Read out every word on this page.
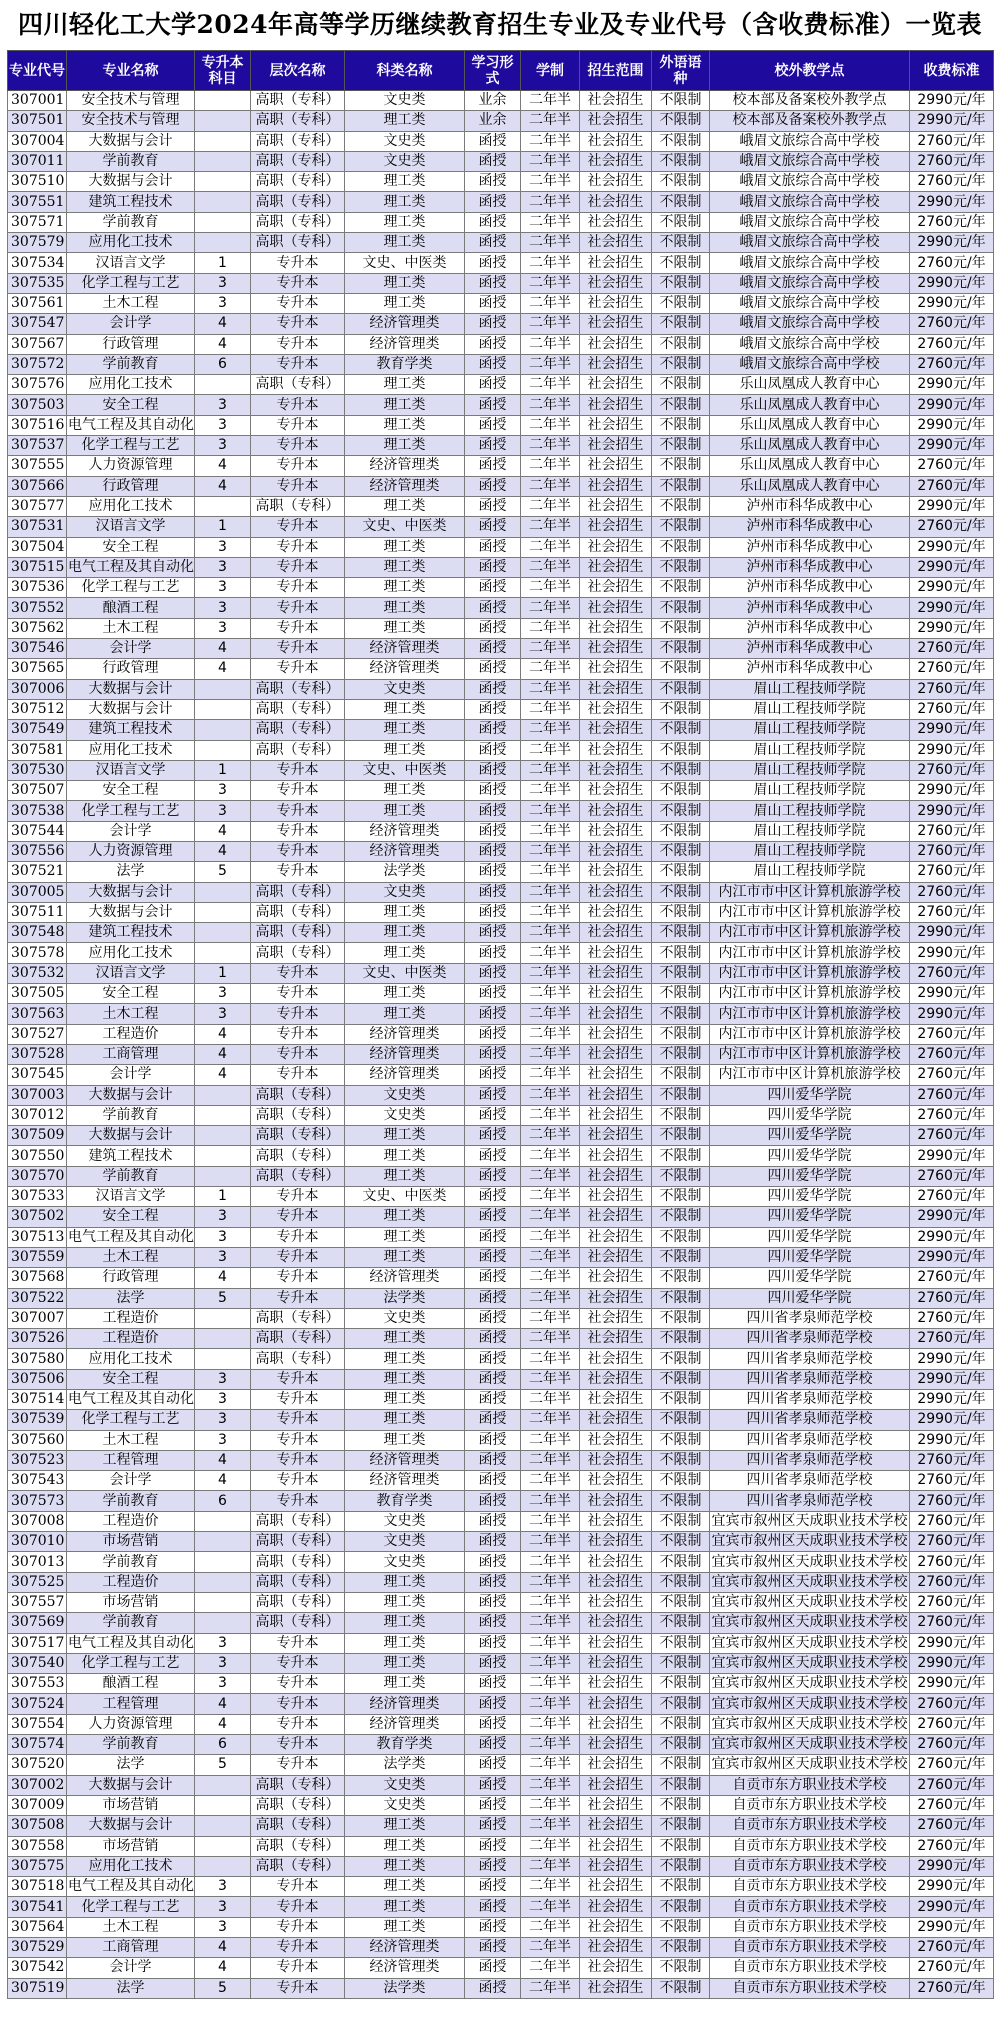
四川轻化工大学2024年高等学历继续教育招生专业及专业代号（含收费标准）一览表
专业代号	专业名称	专升本科目	层次名称	科类名称	学习形式	学制	招生范围	外语语种	校外教学点	收费标准
307001	安全技术与管理		高职（专科）	文史类	业余	二年半	社会招生	不限制	校本部及备案校外教学点	2990元/年
307501	安全技术与管理		高职（专科）	理工类	业余	二年半	社会招生	不限制	校本部及备案校外教学点	2990元/年
307004	大数据与会计		高职（专科）	文史类	函授	二年半	社会招生	不限制	峨眉文旅综合高中学校	2760元/年
307011	学前教育		高职（专科）	文史类	函授	二年半	社会招生	不限制	峨眉文旅综合高中学校	2760元/年
307510	大数据与会计		高职（专科）	理工类	函授	二年半	社会招生	不限制	峨眉文旅综合高中学校	2760元/年
307551	建筑工程技术		高职（专科）	理工类	函授	二年半	社会招生	不限制	峨眉文旅综合高中学校	2990元/年
307571	学前教育		高职（专科）	理工类	函授	二年半	社会招生	不限制	峨眉文旅综合高中学校	2760元/年
307579	应用化工技术		高职（专科）	理工类	函授	二年半	社会招生	不限制	峨眉文旅综合高中学校	2990元/年
307534	汉语言文学	1	专升本	文史、中医类	函授	二年半	社会招生	不限制	峨眉文旅综合高中学校	2760元/年
307535	化学工程与工艺	3	专升本	理工类	函授	二年半	社会招生	不限制	峨眉文旅综合高中学校	2990元/年
307561	土木工程	3	专升本	理工类	函授	二年半	社会招生	不限制	峨眉文旅综合高中学校	2990元/年
307547	会计学	4	专升本	经济管理类	函授	二年半	社会招生	不限制	峨眉文旅综合高中学校	2760元/年
307567	行政管理	4	专升本	经济管理类	函授	二年半	社会招生	不限制	峨眉文旅综合高中学校	2760元/年
307572	学前教育	6	专升本	教育学类	函授	二年半	社会招生	不限制	峨眉文旅综合高中学校	2760元/年
307576	应用化工技术		高职（专科）	理工类	函授	二年半	社会招生	不限制	乐山凤凰成人教育中心	2990元/年
307503	安全工程	3	专升本	理工类	函授	二年半	社会招生	不限制	乐山凤凰成人教育中心	2990元/年
307516	电气工程及其自动化	3	专升本	理工类	函授	二年半	社会招生	不限制	乐山凤凰成人教育中心	2990元/年
307537	化学工程与工艺	3	专升本	理工类	函授	二年半	社会招生	不限制	乐山凤凰成人教育中心	2990元/年
307555	人力资源管理	4	专升本	经济管理类	函授	二年半	社会招生	不限制	乐山凤凰成人教育中心	2760元/年
307566	行政管理	4	专升本	经济管理类	函授	二年半	社会招生	不限制	乐山凤凰成人教育中心	2760元/年
307577	应用化工技术		高职（专科）	理工类	函授	二年半	社会招生	不限制	泸州市科华成教中心	2990元/年
307531	汉语言文学	1	专升本	文史、中医类	函授	二年半	社会招生	不限制	泸州市科华成教中心	2760元/年
307504	安全工程	3	专升本	理工类	函授	二年半	社会招生	不限制	泸州市科华成教中心	2990元/年
307515	电气工程及其自动化	3	专升本	理工类	函授	二年半	社会招生	不限制	泸州市科华成教中心	2990元/年
307536	化学工程与工艺	3	专升本	理工类	函授	二年半	社会招生	不限制	泸州市科华成教中心	2990元/年
307552	酿酒工程	3	专升本	理工类	函授	二年半	社会招生	不限制	泸州市科华成教中心	2990元/年
307562	土木工程	3	专升本	理工类	函授	二年半	社会招生	不限制	泸州市科华成教中心	2990元/年
307546	会计学	4	专升本	经济管理类	函授	二年半	社会招生	不限制	泸州市科华成教中心	2760元/年
307565	行政管理	4	专升本	经济管理类	函授	二年半	社会招生	不限制	泸州市科华成教中心	2760元/年
307006	大数据与会计		高职（专科）	文史类	函授	二年半	社会招生	不限制	眉山工程技师学院	2760元/年
307512	大数据与会计		高职（专科）	理工类	函授	二年半	社会招生	不限制	眉山工程技师学院	2760元/年
307549	建筑工程技术		高职（专科）	理工类	函授	二年半	社会招生	不限制	眉山工程技师学院	2990元/年
307581	应用化工技术		高职（专科）	理工类	函授	二年半	社会招生	不限制	眉山工程技师学院	2990元/年
307530	汉语言文学	1	专升本	文史、中医类	函授	二年半	社会招生	不限制	眉山工程技师学院	2760元/年
307507	安全工程	3	专升本	理工类	函授	二年半	社会招生	不限制	眉山工程技师学院	2990元/年
307538	化学工程与工艺	3	专升本	理工类	函授	二年半	社会招生	不限制	眉山工程技师学院	2990元/年
307544	会计学	4	专升本	经济管理类	函授	二年半	社会招生	不限制	眉山工程技师学院	2760元/年
307556	人力资源管理	4	专升本	经济管理类	函授	二年半	社会招生	不限制	眉山工程技师学院	2760元/年
307521	法学	5	专升本	法学类	函授	二年半	社会招生	不限制	眉山工程技师学院	2760元/年
307005	大数据与会计		高职（专科）	文史类	函授	二年半	社会招生	不限制	内江市市中区计算机旅游学校	2760元/年
307511	大数据与会计		高职（专科）	理工类	函授	二年半	社会招生	不限制	内江市市中区计算机旅游学校	2760元/年
307548	建筑工程技术		高职（专科）	理工类	函授	二年半	社会招生	不限制	内江市市中区计算机旅游学校	2990元/年
307578	应用化工技术		高职（专科）	理工类	函授	二年半	社会招生	不限制	内江市市中区计算机旅游学校	2990元/年
307532	汉语言文学	1	专升本	文史、中医类	函授	二年半	社会招生	不限制	内江市市中区计算机旅游学校	2760元/年
307505	安全工程	3	专升本	理工类	函授	二年半	社会招生	不限制	内江市市中区计算机旅游学校	2990元/年
307563	土木工程	3	专升本	理工类	函授	二年半	社会招生	不限制	内江市市中区计算机旅游学校	2990元/年
307527	工程造价	4	专升本	经济管理类	函授	二年半	社会招生	不限制	内江市市中区计算机旅游学校	2760元/年
307528	工商管理	4	专升本	经济管理类	函授	二年半	社会招生	不限制	内江市市中区计算机旅游学校	2760元/年
307545	会计学	4	专升本	经济管理类	函授	二年半	社会招生	不限制	内江市市中区计算机旅游学校	2760元/年
307003	大数据与会计		高职（专科）	文史类	函授	二年半	社会招生	不限制	四川爱华学院	2760元/年
307012	学前教育		高职（专科）	文史类	函授	二年半	社会招生	不限制	四川爱华学院	2760元/年
307509	大数据与会计		高职（专科）	理工类	函授	二年半	社会招生	不限制	四川爱华学院	2760元/年
307550	建筑工程技术		高职（专科）	理工类	函授	二年半	社会招生	不限制	四川爱华学院	2990元/年
307570	学前教育		高职（专科）	理工类	函授	二年半	社会招生	不限制	四川爱华学院	2760元/年
307533	汉语言文学	1	专升本	文史、中医类	函授	二年半	社会招生	不限制	四川爱华学院	2760元/年
307502	安全工程	3	专升本	理工类	函授	二年半	社会招生	不限制	四川爱华学院	2990元/年
307513	电气工程及其自动化	3	专升本	理工类	函授	二年半	社会招生	不限制	四川爱华学院	2990元/年
307559	土木工程	3	专升本	理工类	函授	二年半	社会招生	不限制	四川爱华学院	2990元/年
307568	行政管理	4	专升本	经济管理类	函授	二年半	社会招生	不限制	四川爱华学院	2760元/年
307522	法学	5	专升本	法学类	函授	二年半	社会招生	不限制	四川爱华学院	2760元/年
307007	工程造价		高职（专科）	文史类	函授	二年半	社会招生	不限制	四川省孝泉师范学校	2760元/年
307526	工程造价		高职（专科）	理工类	函授	二年半	社会招生	不限制	四川省孝泉师范学校	2760元/年
307580	应用化工技术		高职（专科）	理工类	函授	二年半	社会招生	不限制	四川省孝泉师范学校	2990元/年
307506	安全工程	3	专升本	理工类	函授	二年半	社会招生	不限制	四川省孝泉师范学校	2990元/年
307514	电气工程及其自动化	3	专升本	理工类	函授	二年半	社会招生	不限制	四川省孝泉师范学校	2990元/年
307539	化学工程与工艺	3	专升本	理工类	函授	二年半	社会招生	不限制	四川省孝泉师范学校	2990元/年
307560	土木工程	3	专升本	理工类	函授	二年半	社会招生	不限制	四川省孝泉师范学校	2990元/年
307523	工程管理	4	专升本	经济管理类	函授	二年半	社会招生	不限制	四川省孝泉师范学校	2760元/年
307543	会计学	4	专升本	经济管理类	函授	二年半	社会招生	不限制	四川省孝泉师范学校	2760元/年
307573	学前教育	6	专升本	教育学类	函授	二年半	社会招生	不限制	四川省孝泉师范学校	2760元/年
307008	工程造价		高职（专科）	文史类	函授	二年半	社会招生	不限制	宜宾市叙州区天成职业技术学校	2760元/年
307010	市场营销		高职（专科）	文史类	函授	二年半	社会招生	不限制	宜宾市叙州区天成职业技术学校	2760元/年
307013	学前教育		高职（专科）	文史类	函授	二年半	社会招生	不限制	宜宾市叙州区天成职业技术学校	2760元/年
307525	工程造价		高职（专科）	理工类	函授	二年半	社会招生	不限制	宜宾市叙州区天成职业技术学校	2760元/年
307557	市场营销		高职（专科）	理工类	函授	二年半	社会招生	不限制	宜宾市叙州区天成职业技术学校	2760元/年
307569	学前教育		高职（专科）	理工类	函授	二年半	社会招生	不限制	宜宾市叙州区天成职业技术学校	2760元/年
307517	电气工程及其自动化	3	专升本	理工类	函授	二年半	社会招生	不限制	宜宾市叙州区天成职业技术学校	2990元/年
307540	化学工程与工艺	3	专升本	理工类	函授	二年半	社会招生	不限制	宜宾市叙州区天成职业技术学校	2990元/年
307553	酿酒工程	3	专升本	理工类	函授	二年半	社会招生	不限制	宜宾市叙州区天成职业技术学校	2990元/年
307524	工程管理	4	专升本	经济管理类	函授	二年半	社会招生	不限制	宜宾市叙州区天成职业技术学校	2760元/年
307554	人力资源管理	4	专升本	经济管理类	函授	二年半	社会招生	不限制	宜宾市叙州区天成职业技术学校	2760元/年
307574	学前教育	6	专升本	教育学类	函授	二年半	社会招生	不限制	宜宾市叙州区天成职业技术学校	2760元/年
307520	法学	5	专升本	法学类	函授	二年半	社会招生	不限制	宜宾市叙州区天成职业技术学校	2760元/年
307002	大数据与会计		高职（专科）	文史类	函授	二年半	社会招生	不限制	自贡市东方职业技术学校	2760元/年
307009	市场营销		高职（专科）	文史类	函授	二年半	社会招生	不限制	自贡市东方职业技术学校	2760元/年
307508	大数据与会计		高职（专科）	理工类	函授	二年半	社会招生	不限制	自贡市东方职业技术学校	2760元/年
307558	市场营销		高职（专科）	理工类	函授	二年半	社会招生	不限制	自贡市东方职业技术学校	2760元/年
307575	应用化工技术		高职（专科）	理工类	函授	二年半	社会招生	不限制	自贡市东方职业技术学校	2990元/年
307518	电气工程及其自动化	3	专升本	理工类	函授	二年半	社会招生	不限制	自贡市东方职业技术学校	2990元/年
307541	化学工程与工艺	3	专升本	理工类	函授	二年半	社会招生	不限制	自贡市东方职业技术学校	2990元/年
307564	土木工程	3	专升本	理工类	函授	二年半	社会招生	不限制	自贡市东方职业技术学校	2990元/年
307529	工商管理	4	专升本	经济管理类	函授	二年半	社会招生	不限制	自贡市东方职业技术学校	2760元/年
307542	会计学	4	专升本	经济管理类	函授	二年半	社会招生	不限制	自贡市东方职业技术学校	2760元/年
307519	法学	5	专升本	法学类	函授	二年半	社会招生	不限制	自贡市东方职业技术学校	2760元/年
